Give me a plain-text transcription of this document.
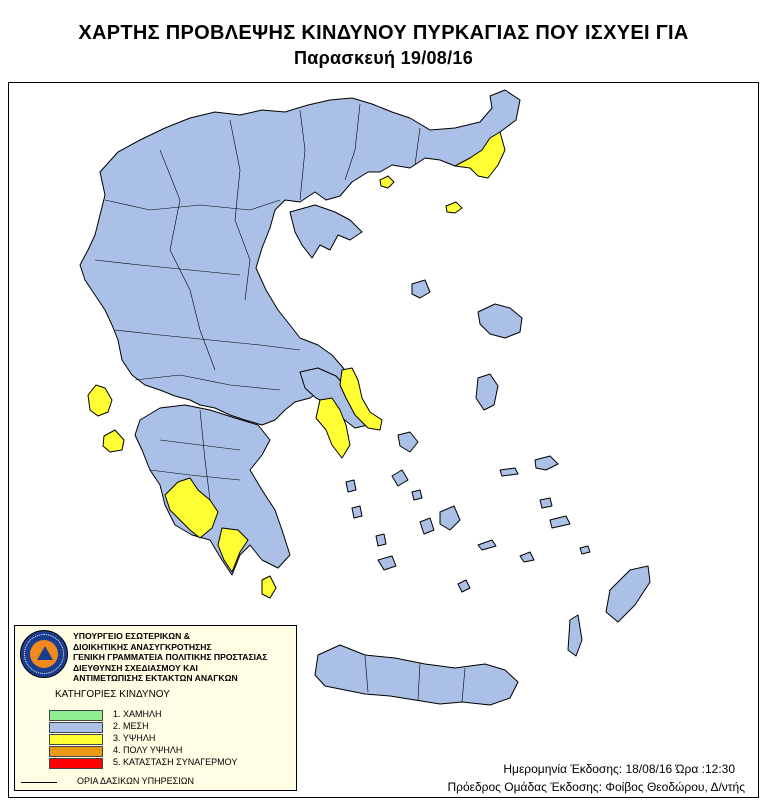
ΧΑΡΤΗΣ ΠΡΟΒΛΕΨΗΣ ΚΙΝΔΥΝΟΥ ΠΥΡΚΑΓΙΑΣ ΠΟΥ ΙΣΧΥΕΙ ΓΙΑ
Παρασκευή 19/08/16
ΥΠΟΥΡΓΕΙΟ ΕΣΩΤΕΡΙΚΩΝ &
ΔΙΟΙΚΗΤΙΚΗΣ ΑΝΑΣΥΓΚΡΟΤΗΣΗΣ
ΓΕΝΙΚΗ ΓΡΑΜΜΑΤΕΙΑ ΠΟΛΙΤΙΚΗΣ ΠΡΟΣΤΑΣΙΑΣ
ΔΙΕΥΘΥΝΣΗ ΣΧΕΔΙΑΣΜΟΥ ΚΑΙ
ΑΝΤΙΜΕΤΩΠΙΣΗΣ ΕΚΤΑΚΤΩΝ ΑΝΑΓΚΩΝ
ΚΑΤΗΓΟΡΙΕΣ ΚΙΝΔΥΝΟΥ
1. ΧΑΜΗΛΗ
2. ΜΕΣΗ
3. ΥΨΗΛΗ
4. ΠΟΛΥ ΥΨΗΛΗ
5. ΚΑΤΑΣΤΑΣΗ ΣΥΝΑΓΕΡΜΟΥ
ΟΡΙΑ ΔΑΣΙΚΩΝ ΥΠΗΡΕΣΙΩΝ
Ημερομηνία Έκδοσης: 18/08/16 Ώρα :12:30
Πρόεδρος Ομάδας Έκδοσης: Φοίβος Θεοδώρου, Δ/ντής
